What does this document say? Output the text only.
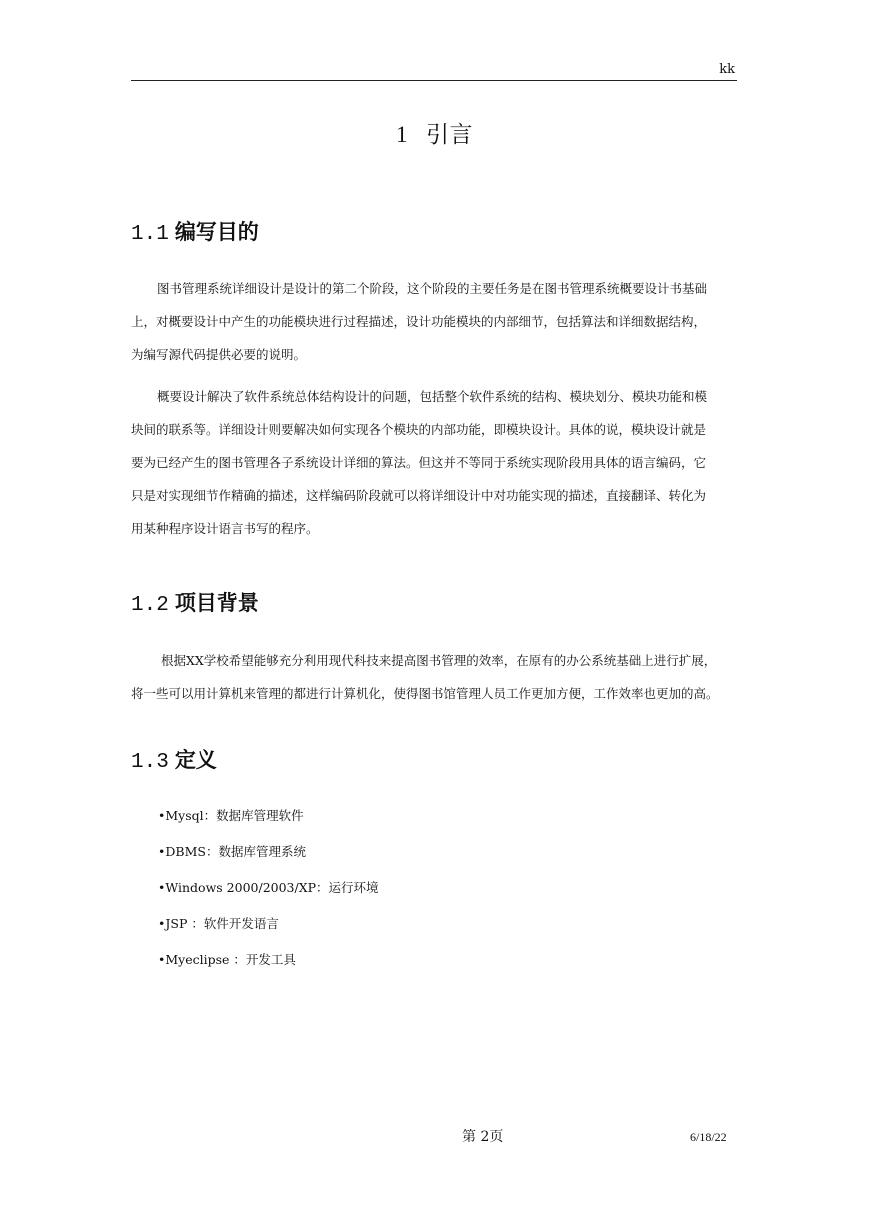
kk
1 引言
1.1 编写目的
图书管理系统详细设计是设计的第二个阶段，这个阶段的主要任务是在图书管理系统概要设计书基础
上，对概要设计中产生的功能模块进行过程描述，设计功能模块的内部细节，包括算法和详细数据结构，
为编写源代码提供必要的说明。
概要设计解决了软件系统总体结构设计的问题，包括整个软件系统的结构、模块划分、模块功能和模
块间的联系等。详细设计则要解决如何实现各个模块的内部功能，即模块设计。具体的说，模块设计就是
要为已经产生的图书管理各子系统设计详细的算法。但这并不等同于系统实现阶段用具体的语言编码，它
只是对实现细节作精确的描述，这样编码阶段就可以将详细设计中对功能实现的描述，直接翻译、转化为
用某种程序设计语言书写的程序。
1.2 项目背景
根据XX学校希望能够充分利用现代科技来提高图书管理的效率，在原有的办公系统基础上进行扩展，
将一些可以用计算机来管理的都进行计算机化，使得图书馆管理人员工作更加方便，工作效率也更加的高。
1.3 定义
•Mysql：数据库管理软件
•DBMS：数据库管理系统
•Windows 2000/2003/XP：运行环境
•JSP ：软件开发语言
•Myeclipse ：开发工具
第 2页	6/18/22
